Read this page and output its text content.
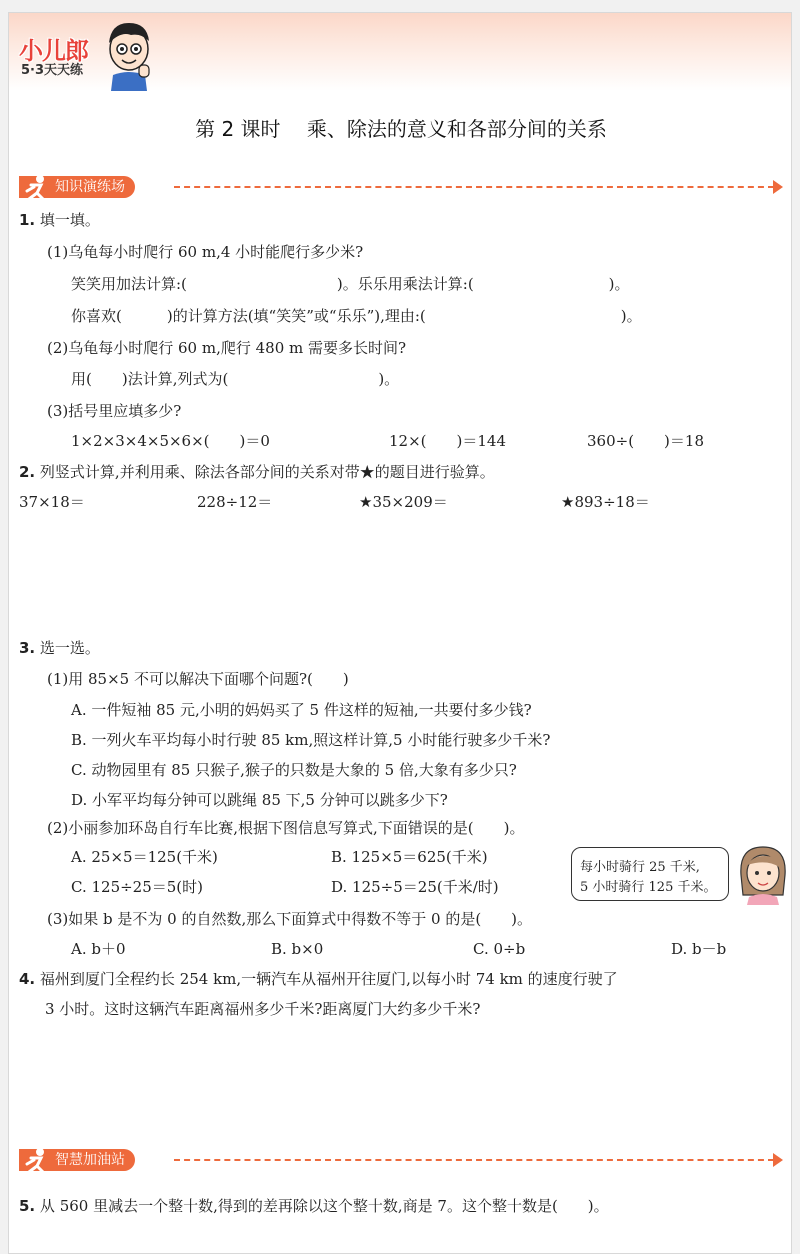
小儿郎
5·3天天练
第 2 课时　 乘、除法的意义和各部分间的关系
知识演练场
1. 填一填。
(1)乌龟每小时爬行 60 m,4 小时能爬行多少米?
笑笑用加法计算:(　　　　　　　　　　)。乐乐用乘法计算:(　　　　　　　　　)。
你喜欢(　　　)的计算方法(填“笑笑”或“乐乐”),理由:(　　　　　　　　　　　　　)。
(2)乌龟每小时爬行 60 m,爬行 480 m 需要多长时间?
用(　　)法计算,列式为(　　　　　　　　　　)。
(3)括号里应填多少?
1×2×3×4×5×6×(　　)＝0	12×(　　)＝144	360÷(　　)＝18
2. 列竖式计算,并利用乘、除法各部分间的关系对带★的题目进行验算。
37×18＝	228÷12＝	★35×209＝	★893÷18＝
3. 选一选。
(1)用 85×5 不可以解决下面哪个问题?(　　)
A. 一件短袖 85 元,小明的妈妈买了 5 件这样的短袖,一共要付多少钱?
B. 一列火车平均每小时行驶 85 km,照这样计算,5 小时能行驶多少千米?
C. 动物园里有 85 只猴子,猴子的只数是大象的 5 倍,大象有多少只?
D. 小军平均每分钟可以跳绳 85 下,5 分钟可以跳多少下?
(2)小丽参加环岛自行车比赛,根据下图信息写算式,下面错误的是(　　)。
A. 25×5＝125(千米)	B. 125×5＝625(千米)
C. 125÷25＝5(时)	D. 125÷5＝25(千米/时)
每小时骑行 25 千米,
5 小时骑行 125 千米。
(3)如果 b 是不为 0 的自然数,那么下面算式中得数不等于 0 的是(　　)。
A. b＋0	B. b×0	C. 0÷b	D. b－b
4. 福州到厦门全程约长 254 km,一辆汽车从福州开往厦门,以每小时 74 km 的速度行驶了
3 小时。这时这辆汽车距离福州多少千米?距离厦门大约多少千米?
智慧加油站
5. 从 560 里减去一个整十数,得到的差再除以这个整十数,商是 7。这个整十数是(　　)。
